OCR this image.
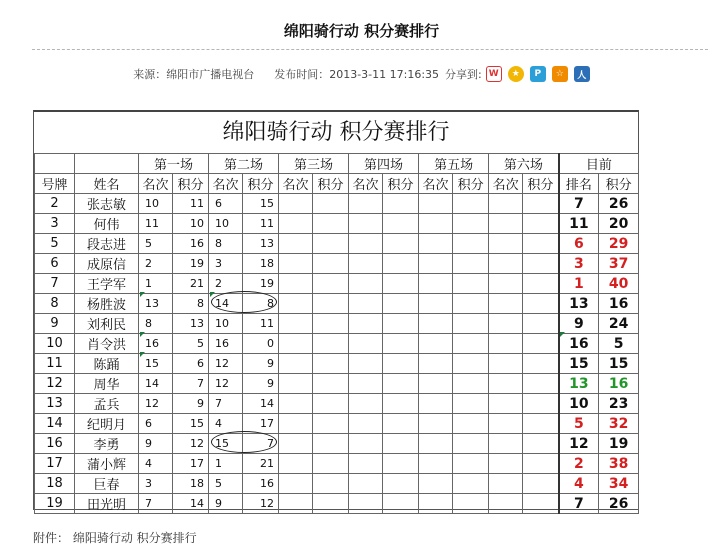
绵阳骑行动 积分赛排行
来源： 绵阳市广播电视台 发布时间： 2013-3-11 17:16:35 分享到: W	★	P	☆	人
绵阳骑行动 积分赛排行
		第一场		第二场		第三场		第四场		第五场		第六场		目前	
号牌	姓名	名次	积分	名次	积分	名次	积分	名次	积分	名次	积分	名次	积分	排名	积分
2	张志敏	10	11	6	15									7	26
3	何伟	11	10	10	11									11	20
5	段志进	5	16	8	13									6	29
6	成原信	2	19	3	18									3	37
7	王学军	1	21	2	19									1	40
8	杨胜波	13	8	14	8									13	16
9	刘利民	8	13	10	11									9	24
10	肖令洪	16	5	16	0									16	5
11	陈踊	15	6	12	9									15	15
12	周华	14	7	12	9									13	16
13	孟兵	12	9	7	14									10	23
14	纪明月	6	15	4	17									5	32
16	李勇	9	12	15	7									12	19
17	蒲小辉	4	17	1	21									2	38
18	巨春	3	18	5	16									4	34
19	田光明	7	14	9	12									7	26
附件： 绵阳骑行动 积分赛排行
